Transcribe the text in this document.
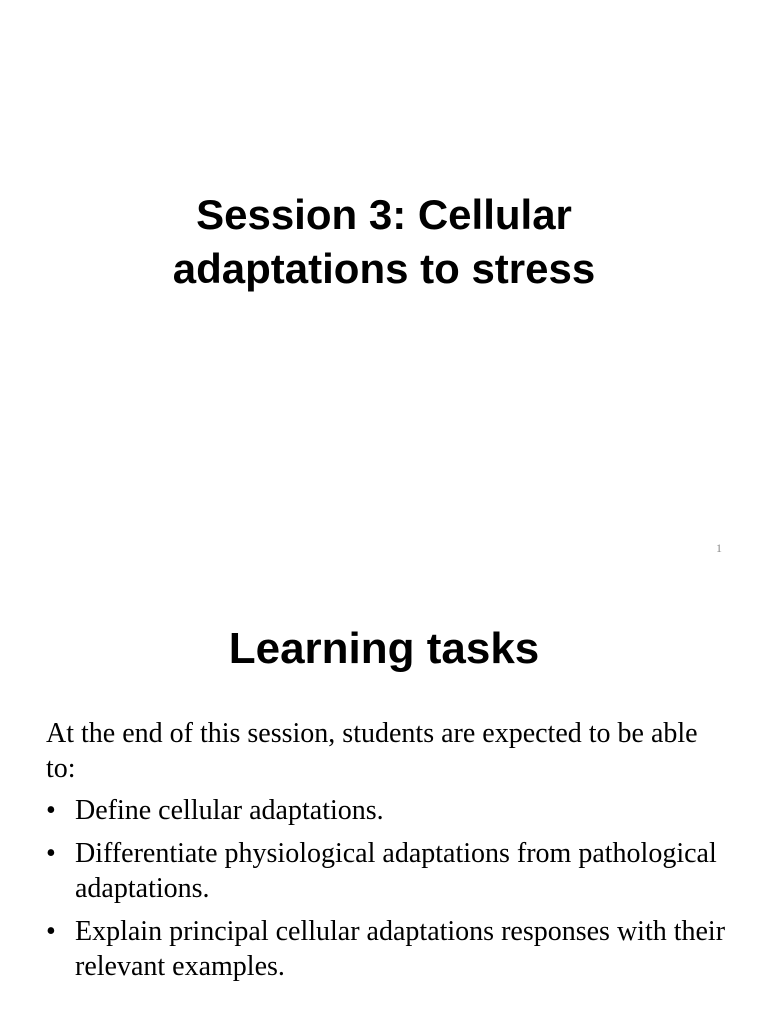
Session 3: Cellular adaptations to stress
1
Learning tasks

At the end of this session, students are expected to be able to:

• Define cellular adaptations.
• Differentiate physiological adaptations from pathological adaptations.
• Explain principal cellular adaptations responses with their relevant examples.
